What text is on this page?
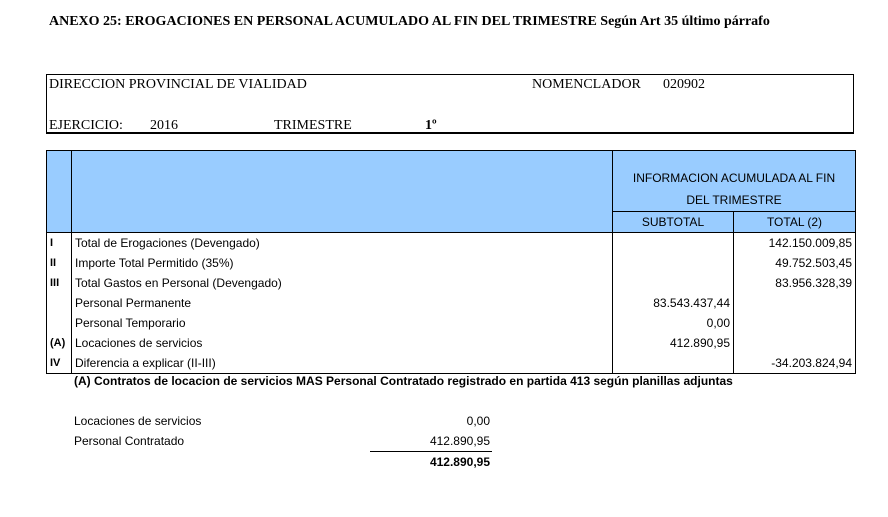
ANEXO 25: EROGACIONES EN PERSONAL ACUMULADO AL FIN DEL TRIMESTRE Según Art 35 último párrafo
DIRECCION PROVINCIAL DE VIALIDAD	NOMENCLADOR 020902
EJERCICIO: 2016	TRIMESTRE	1º

		INFORMACION ACUMULADA AL FIN
DEL TRIMESTRE	

		SUBTOTAL	TOTAL (2)
I	Total de Erogaciones (Devengado)		142.150.009,85
II	Importe Total Permitido (35%)		49.752.503,45
III	Total Gastos en Personal (Devengado)		83.956.328,39
	Personal Permanente	83.543.437,44	
	Personal Temporario	0,00	
(A)	Locaciones de servicios	412.890,95	
IV	Diferencia a explicar (II-III)		-34.203.824,94
(A) Contratos de locacion de servicios MAS Personal Contratado registrado en partida 413 según planillas adjuntas
Locaciones de servicios	0,00
Personal Contratado	412.890,95
412.890,95
